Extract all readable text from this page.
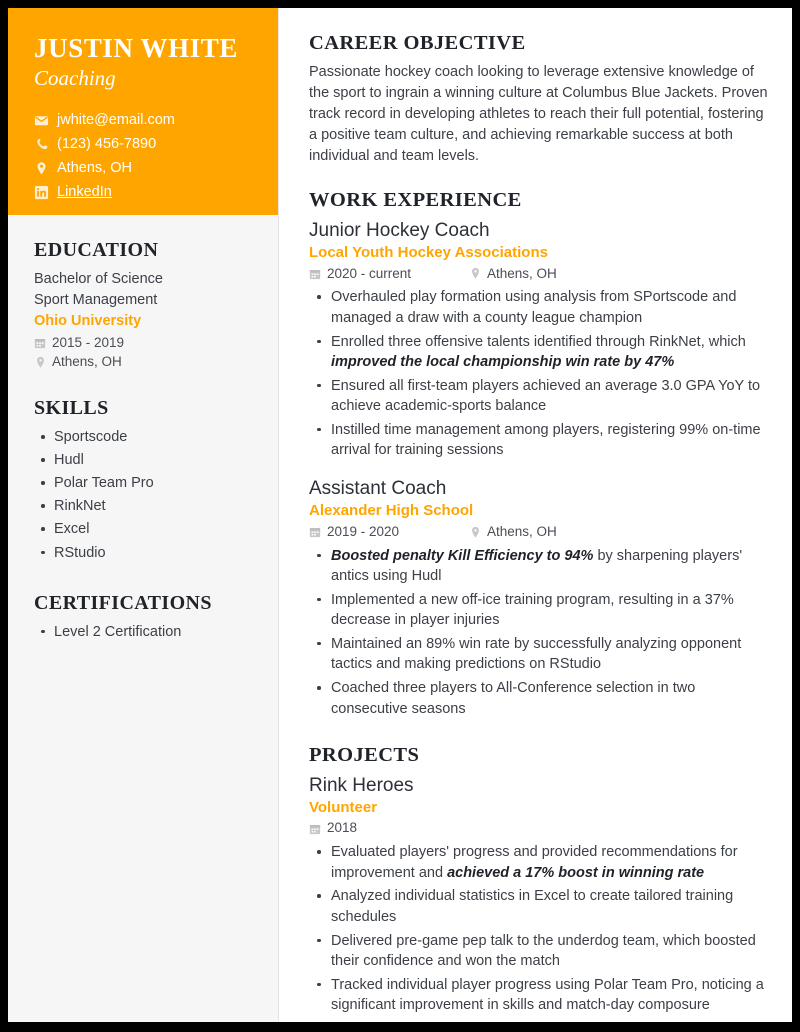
JUSTIN WHITE
Coaching
jwhite@email.com
(123) 456-7890
Athens, OH
LinkedIn
EDUCATION
Bachelor of Science
Sport Management
Ohio University
2015 - 2019
Athens, OH
SKILLS
Sportscode
Hudl
Polar Team Pro
RinkNet
Excel
RStudio
CERTIFICATIONS
Level 2 Certification
CAREER OBJECTIVE

Passionate hockey coach looking to leverage extensive knowledge of the sport to ingrain a winning culture at Columbus Blue Jackets. Proven track record in developing athletes to reach their full potential, fostering a positive team culture, and achieving remarkable success at both individual and team levels.

WORK EXPERIENCE
Junior Hockey Coach
Local Youth Hockey Associations
2020 - current	Athens, OH
Overhauled play formation using analysis from SPortscode and managed a draw with a county league champion
Enrolled three offensive talents identified through RinkNet, which improved the local championship win rate by 47%
Ensured all first-team players achieved an average 3.0 GPA YoY to achieve academic-sports balance
Instilled time management among players, registering 99% on-time arrival for training sessions
Assistant Coach
Alexander High School
2019 - 2020	Athens, OH
Boosted penalty Kill Efficiency to 94% by sharpening players' antics using Hudl
Implemented a new off-ice training program, resulting in a 37% decrease in player injuries
Maintained an 89% win rate by successfully analyzing opponent tactics and making predictions on RStudio
Coached three players to All-Conference selection in two consecutive seasons
PROJECTS
Rink Heroes
Volunteer
2018
Evaluated players' progress and provided recommendations for improvement and achieved a 17% boost in winning rate
Analyzed individual statistics in Excel to create tailored training schedules
Delivered pre-game pep talk to the underdog team, which boosted their confidence and won the match
Tracked individual player progress using Polar Team Pro, noticing a significant improvement in skills and match-day composure
